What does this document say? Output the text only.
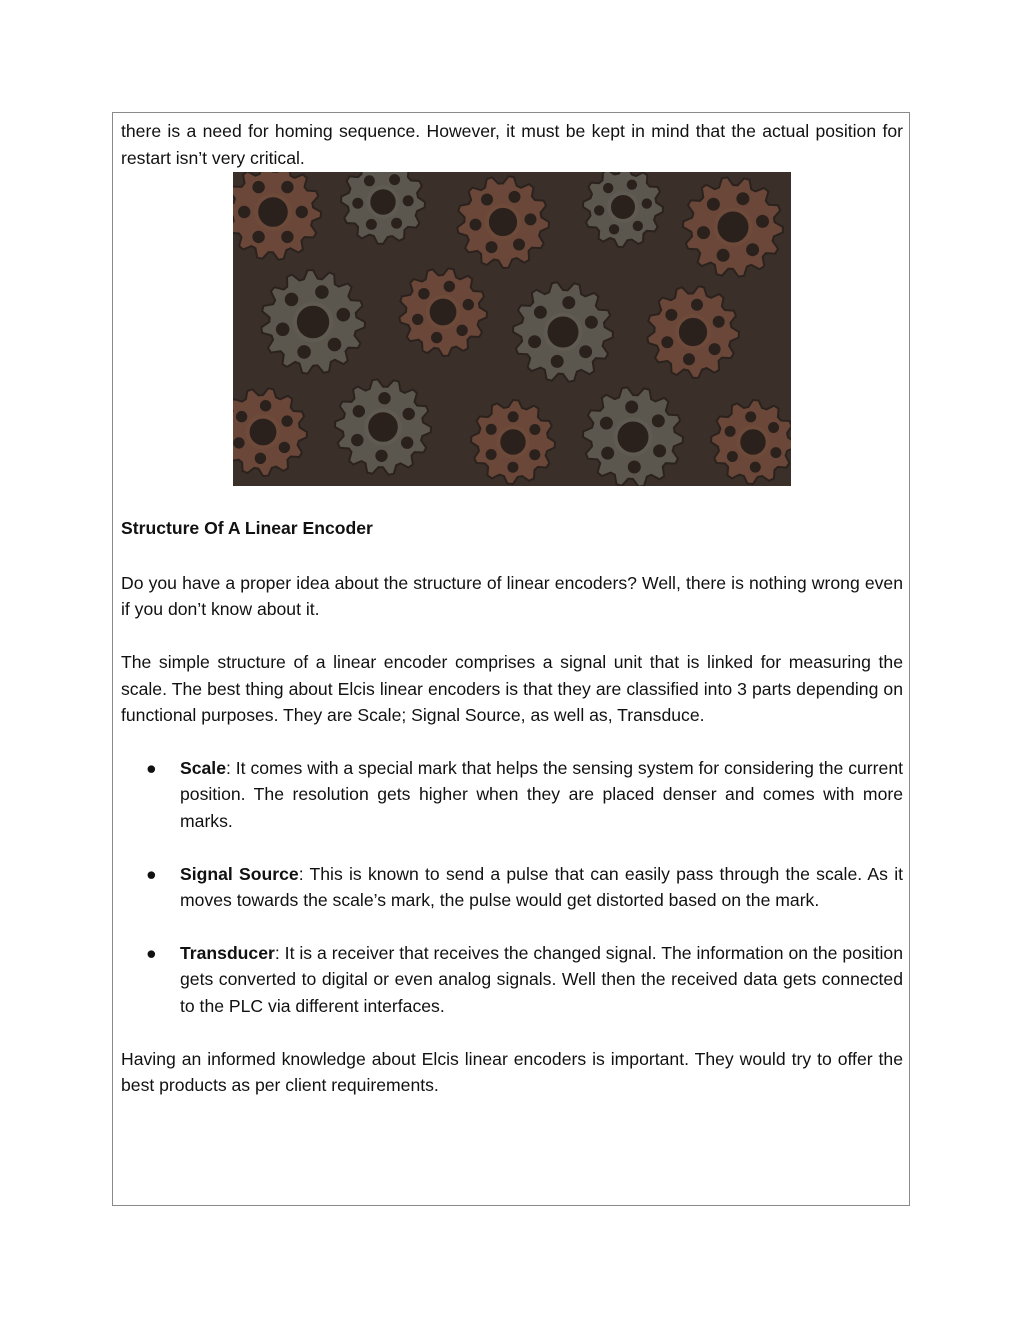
there is a need for homing sequence. However, it must be kept in mind that the actual position for restart isn’t very critical.

Structure Of A Linear Encoder

Do you have a proper idea about the structure of linear encoders? Well, there is nothing wrong even if you don’t know about it.

The simple structure of a linear encoder comprises a signal unit that is linked for measuring the scale. The best thing about Elcis linear encoders is that they are classified into 3 parts depending on functional purposes. They are Scale; Signal Source, as well as, Transduce.

● Scale: It comes with a special mark that helps the sensing system for considering the current position. The resolution gets higher when they are placed denser and comes with more marks.
● Signal Source: This is known to send a pulse that can easily pass through the scale. As it moves towards the scale’s mark, the pulse would get distorted based on the mark.
● Transducer: It is a receiver that receives the changed signal. The information on the position gets converted to digital or even analog signals. Well then the received data gets connected to the PLC via different interfaces.

Having an informed knowledge about Elcis linear encoders is important. They would try to offer the best products as per client requirements.
